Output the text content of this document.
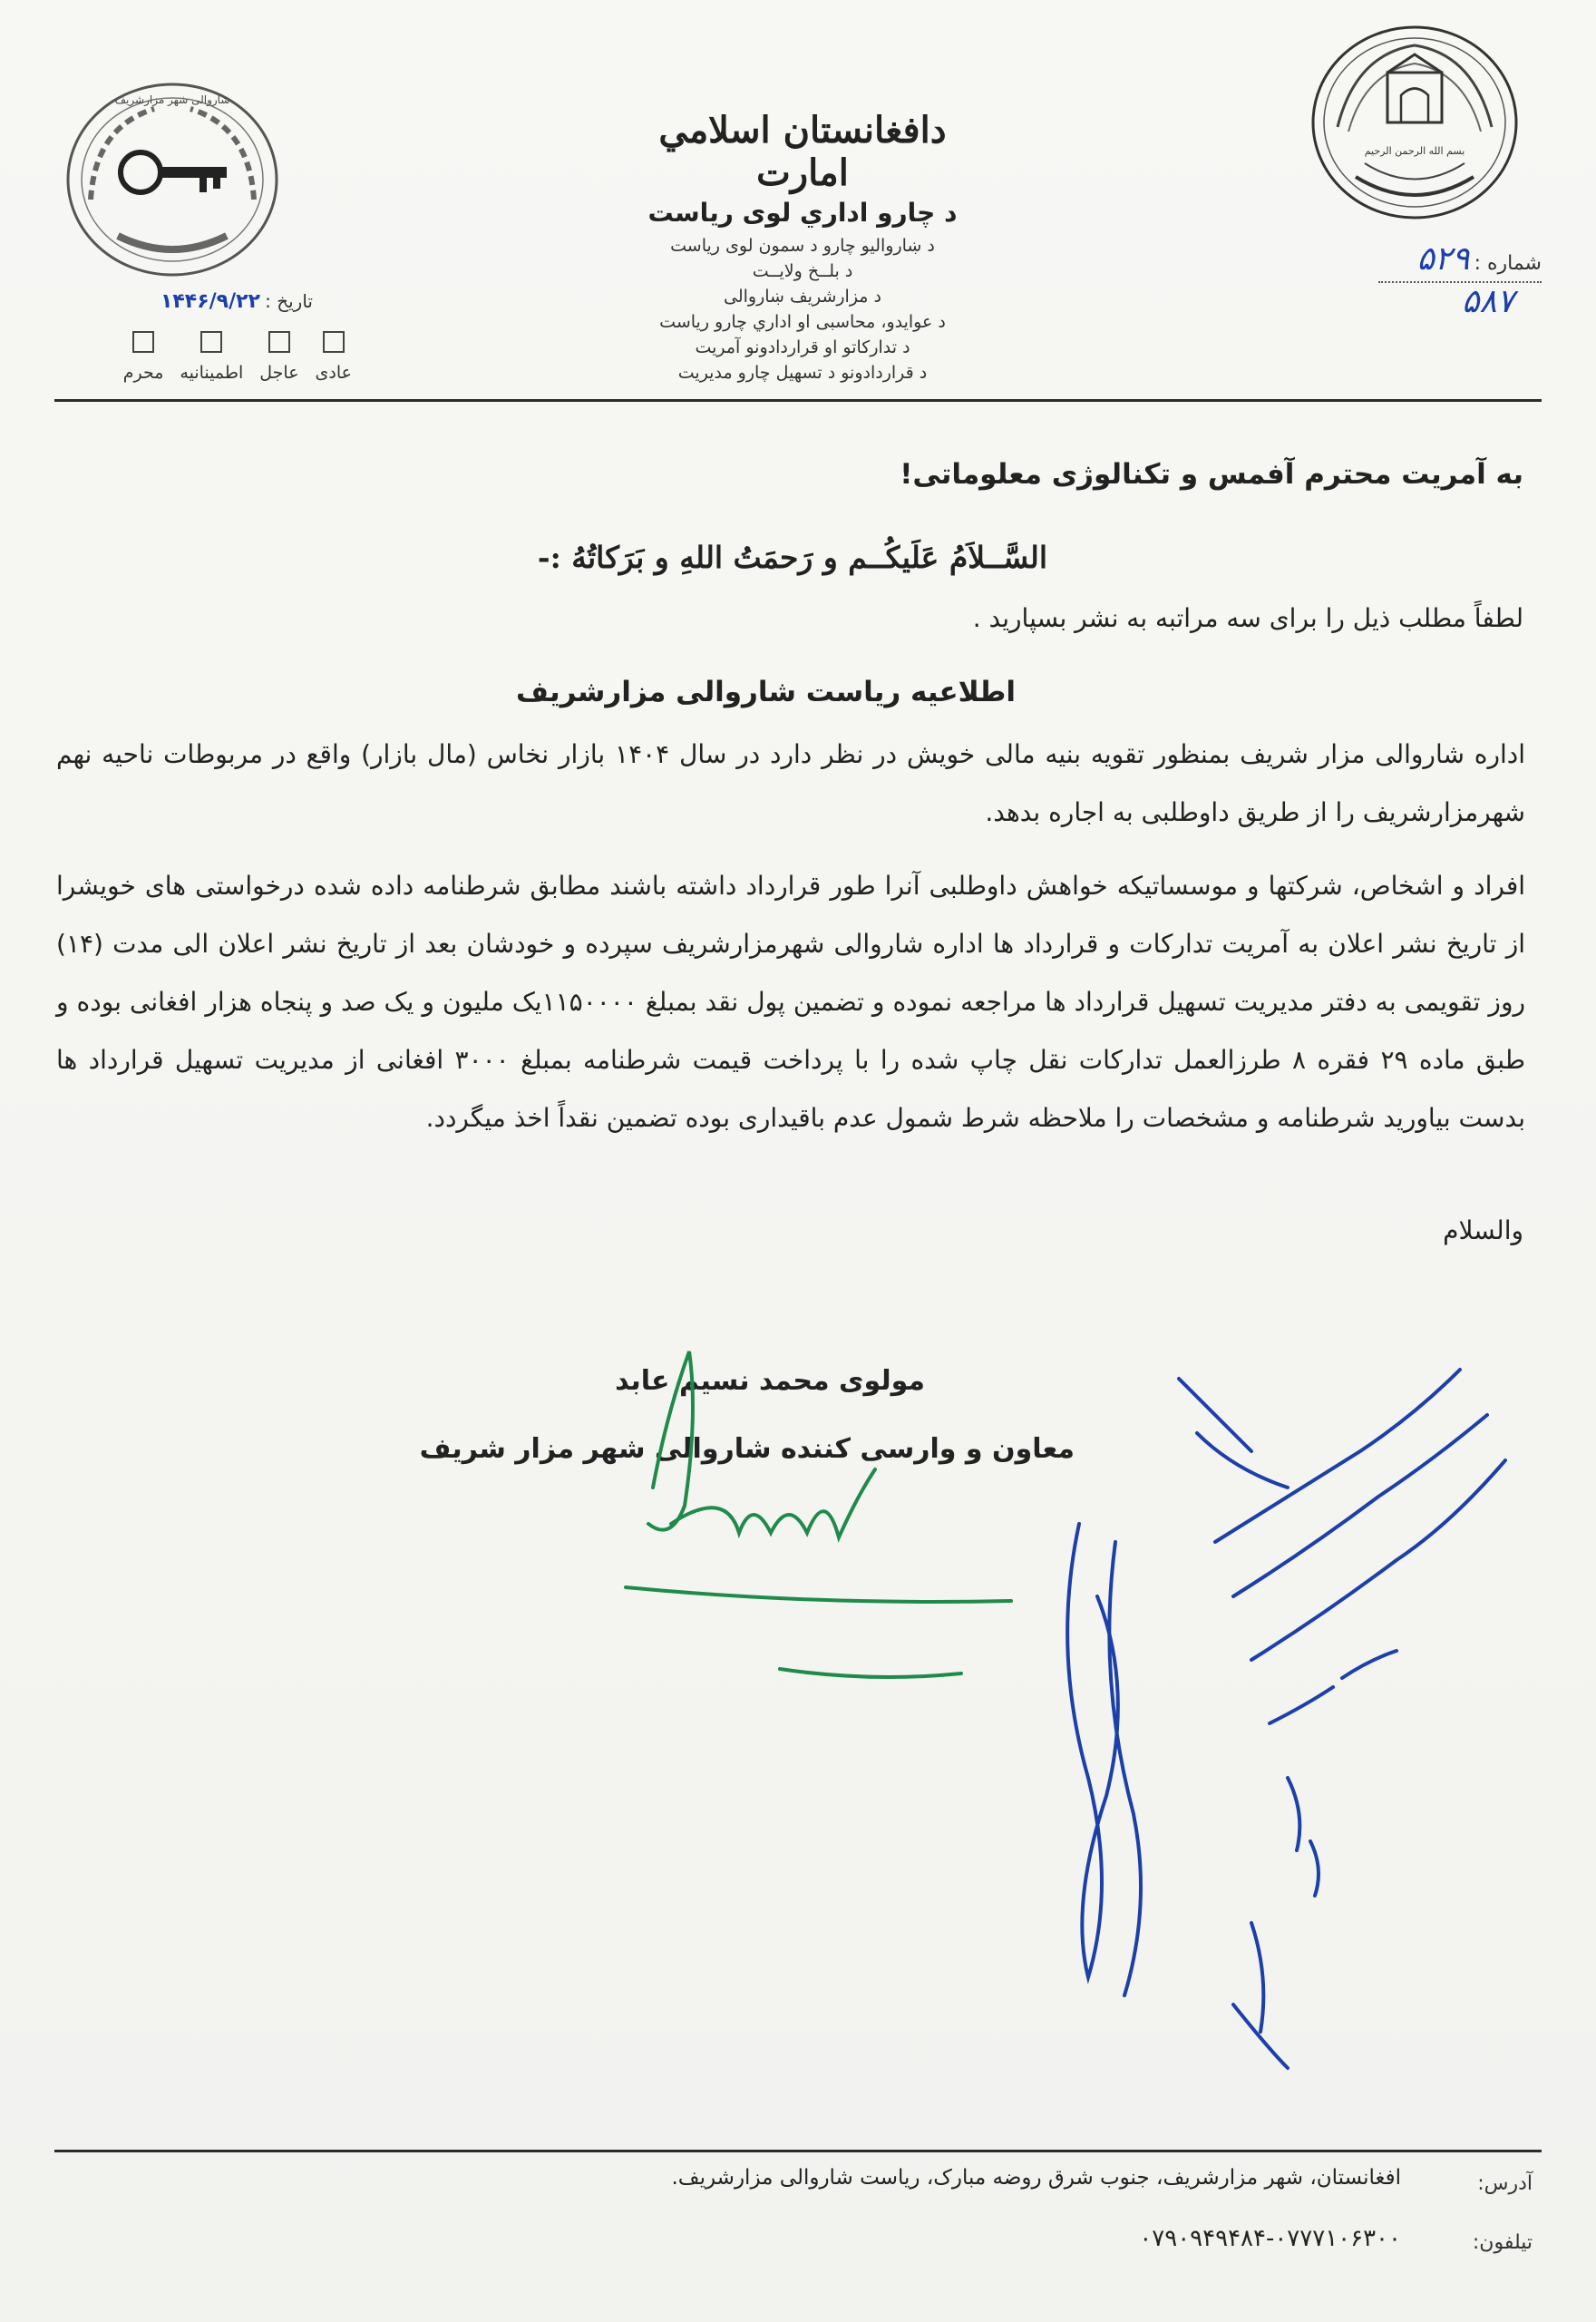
بسم الله الرحمن الرحيم
شاروالی شهر مزارشریف
دافغانستان اسلامي امارت
د چارو اداري لوی ریاست
د ښاروالیو چارو د سمون لوی ریاست
د بلــخ ولایــت
د مزارشریف ښاروالی
د عوایدو، محاسبی او اداري چارو ریاست
د تدارکاتو او قراردادونو آمریت
د قراردادونو د تسهیل چارو مدیریت
شماره : ۵۲۹
۵۸۷
تاریخ : ۱۴۴۶/۹/۲۲
عادی
عاجل
اطمینانیه
محرم
به آمریت محترم آفمس و تکنالوژی معلوماتی!
السَّــلاَمُ عَلَیکُــم و رَحمَتُ اللهِ و بَرَکاتُهُ :-
لطفاً مطلب ذیل را برای سه مراتبه به نشر بسپارید .
اطلاعیه ریاست شاروالی مزارشریف
اداره شاروالی مزار شریف بمنظور تقویه بنیه مالی خویش در نظر دارد در سال ۱۴۰۴ بازار نخاس (مال بازار) واقع در مربوطات ناحیه نهم شهرمزارشریف را از طریق داوطلبی به اجاره بدهد.
افراد و اشخاص، شرکتها و موسساتیکه خواهش داوطلبی آنرا طور قرارداد داشته باشند مطابق شرطنامه داده شده درخواستی های خویشرا از تاریخ نشر اعلان به آمریت تدارکات و قرارداد ها اداره شاروالی شهرمزارشریف سپرده و خودشان بعد از تاریخ نشر اعلان الی مدت (۱۴) روز تقویمی به دفتر مدیریت تسهیل قرارداد ها مراجعه نموده و تضمین پول نقد بمبلغ ۱۱۵۰۰۰۰یک ملیون و یک صد و پنجاه هزار افغانی بوده و طبق ماده ۲۹ فقره ۸ طرزالعمل تدارکات نقل چاپ شده را با پرداخت قیمت شرطنامه بمبلغ ۳۰۰۰ افغانی از مدیریت تسهیل قرارداد ها بدست بیاورید شرطنامه و مشخصات را ملاحظه شرط شمول عدم باقیداری بوده تضمین نقداً اخذ میگردد.
والسلام
مولوی محمد نسیم عابد
معاون و وارسی کننده شاروالی شهر مزار شریف
آدرس:
افغانستان، شهر مزارشریف، جنوب شرق روضه مبارک، ریاست شاروالی مزارشریف.
تیلفون:
۰۷۹۰۹۴۹۴۸۴-۰۷۷۷۱۰۶۳۰۰
